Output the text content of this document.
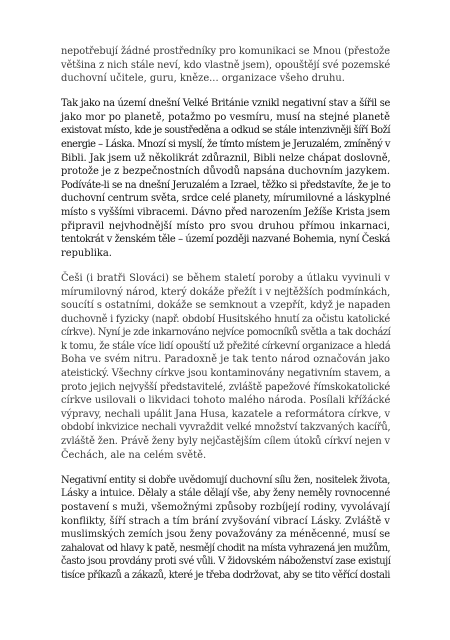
nepotřebují žádné prostředníky pro komunikaci se Mnou (přestože
většina z nich stále neví, kdo vlastně jsem), opouštějí své pozemské
duchovní učitele, guru, kněze... organizace všeho druhu.

Tak jako na území dnešní Velké Británie vznikl negativní stav a šířil se
jako mor po planetě, potažmo po vesmíru, musí na stejné planetě
existovat místo, kde je soustředěna a odkud se stále intenzivněji šíří Boží
energie – Láska. Mnozí si myslí, že tímto místem je Jeruzalém, zmíněný v
Bibli. Jak jsem už několikrát zdůraznil, Bibli nelze chápat doslovně,
protože je z bezpečnostních důvodů napsána duchovním jazykem.
Podíváte-li se na dnešní Jeruzalém a Izrael, těžko si představíte, že je to
duchovní centrum světa, srdce celé planety, mírumilovné a láskyplné
místo s vyššími vibracemi. Dávno před narozením Ježíše Krista jsem
připravil nejvhodnější místo pro svou druhou přímou inkarnaci,
tentokrát v ženském těle – území později nazvané Bohemia, nyní Česká
republika.

Češi (i bratři Slováci) se během staletí poroby a útlaku vyvinuli v
mírumilovný národ, který dokáže přežít i v nejtěžších podmínkách,
soucítí s ostatními, dokáže se semknout a vzepřít, když je napaden
duchovně i fyzicky (např. období Husitského hnutí za očistu katolické
církve). Nyní je zde inkarnováno nejvíce pomocníků světla a tak dochází
k tomu, že stále více lidí opouští už přežité církevní organizace a hledá
Boha ve svém nitru. Paradoxně je tak tento národ označován jako
ateistický. Všechny církve jsou kontaminovány negativním stavem, a
proto jejich nejvyšší představitelé, zvláště papežové římskokatolické
církve usilovali o likvidaci tohoto malého národa. Posílali křížácké
výpravy, nechali upálit Jana Husa, kazatele a reformátora církve, v
období inkvizice nechali vyvraždit velké množství takzvaných kacířů,
zvláště žen. Právě ženy byly nejčastějším cílem útoků církví nejen v
Čechách, ale na celém světě.

Negativní entity si dobře uvědomují duchovní sílu žen, nositelek života,
Lásky a intuice. Dělaly a stále dělají vše, aby ženy neměly rovnocenné
postavení s muži, všemožnými způsoby rozbíjejí rodiny, vyvolávají
konflikty, šíří strach a tím brání zvyšování vibrací Lásky. Zvláště v
muslimských zemích jsou ženy považovány za méněcenné, musí se
zahalovat od hlavy k patě, nesmějí chodit na místa vyhrazená jen mužům,
často jsou provdány proti své vůli. V židovském náboženství zase existují
tisíce příkazů a zákazů, které je třeba dodržovat, aby se tito věřící dostali
